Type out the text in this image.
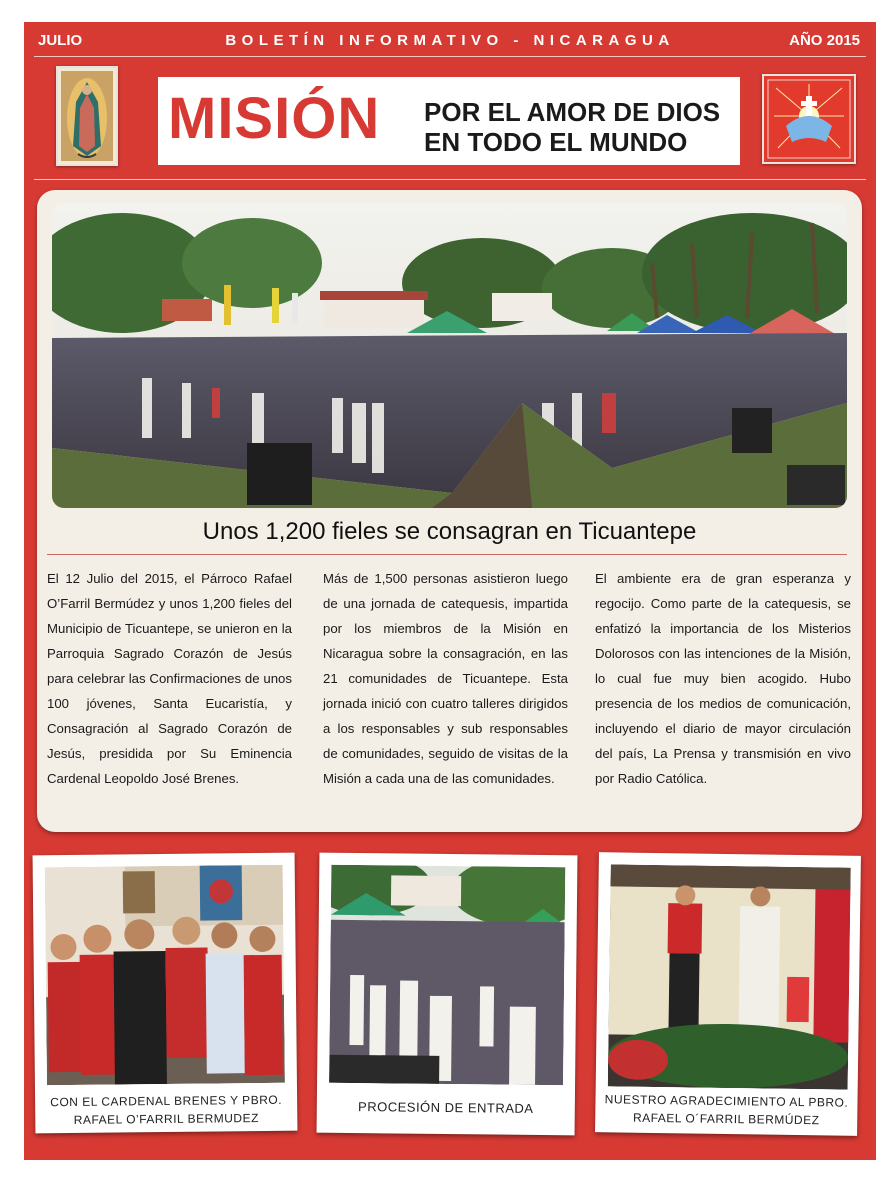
JULIO	BOLETÍN INFORMATIVO - NICARAGUA	AÑO 2015
MISIÓN POR EL AMOR DE DIOS
EN TODO EL MUNDO
Unos 1,200 fieles se consagran en Ticuantepe
El 12 Julio del 2015, el Párroco Rafael O’Farril Bermúdez y unos 1,200 fieles del Municipio de Ticuantepe, se unieron en la Parroquia Sagrado Corazón de Jesús para celebrar las Confirmaciones de unos 100 jóvenes, Santa Eucaristía, y Consagración al Sagrado Corazón de Jesús, presidida por Su Eminencia Cardenal Leopoldo José Brenes.
Más de 1,500 personas asistieron luego de una jornada de catequesis, impartida por los miembros de la Misión en Nicaragua sobre la consagración, en las 21 comunidades de Ticuantepe. Esta jornada inició con cuatro talleres dirigidos a los responsables y sub responsables de comunidades, seguido de visitas de la Misión a cada una de las comunidades.
El ambiente era de gran esperanza y regocijo. Como parte de la catequesis, se enfatizó la importancia de los Misterios Dolorosos con las intenciones de la Misión, lo cual fue muy bien acogido. Hubo presencia de los medios de comunicación, incluyendo el diario de mayor circulación del país, La Prensa y transmisión en vivo por Radio Católica.
CON EL CARDENAL BRENES Y PBRO. RAFAEL O’FARRIL BERMUDEZ
PROCESIÓN DE ENTRADA	NUESTRO AGRADECIMIENTO AL PBRO. RAFAEL O´FARRIL BERMÚDEZ
